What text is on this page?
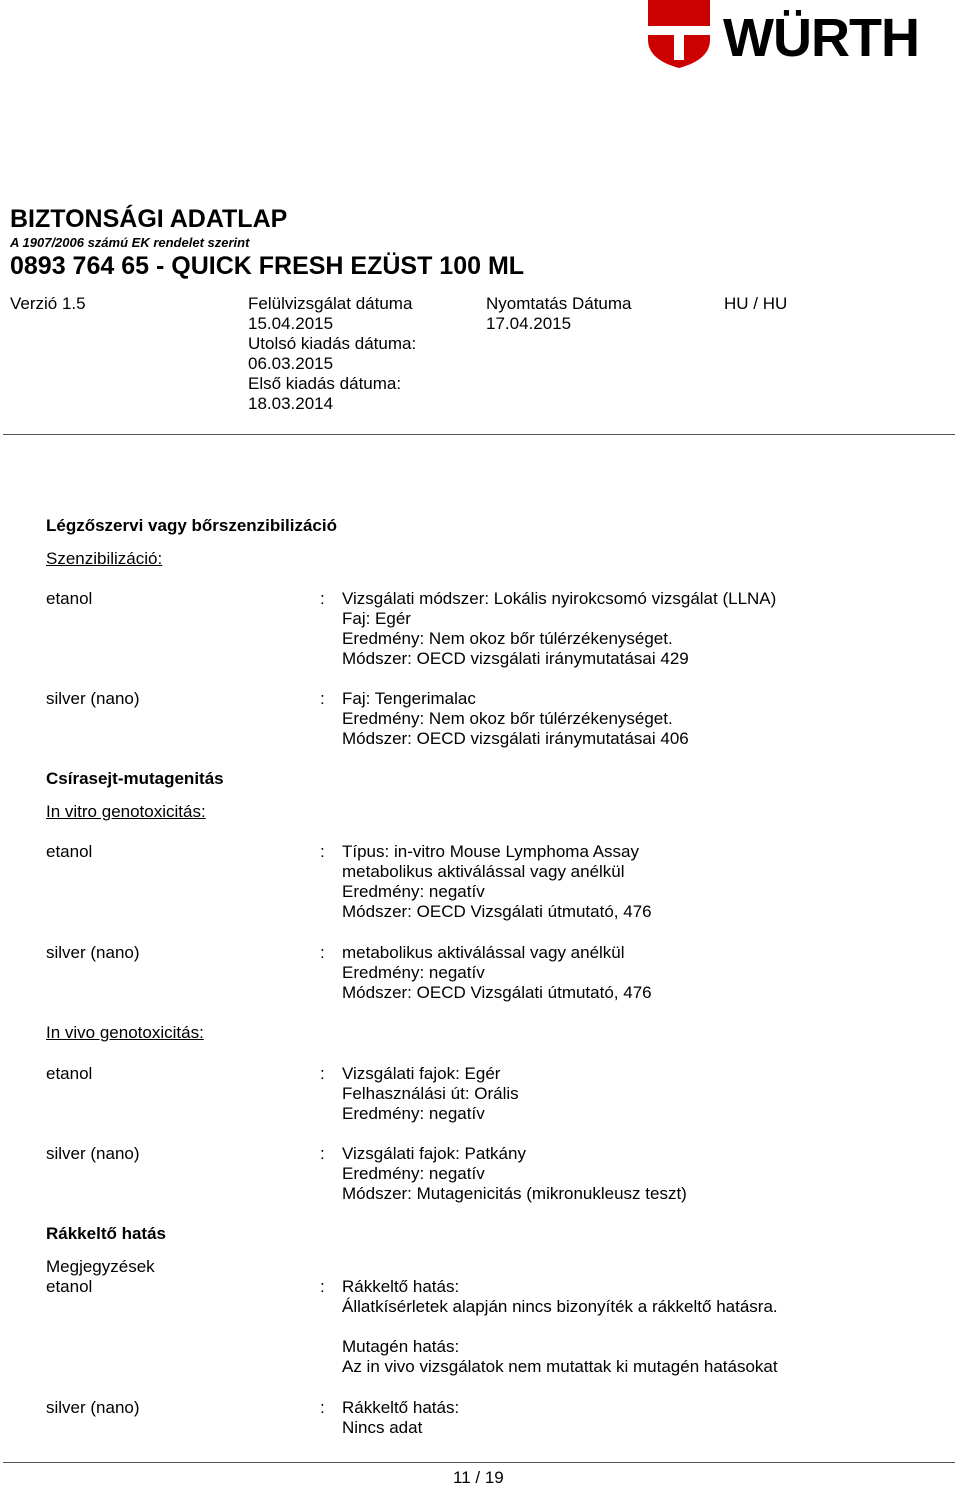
WÜRTH
BIZTONSÁGI ADATLAP
A 1907/2006 számú EK rendelet szerint
0893 764 65 - QUICK FRESH EZÜST 100 ML
Verzió 1.5	Felülvizsgálat dátuma
15.04.2015
Utolsó kiadás dátuma:
06.03.2015
Első kiadás dátuma:
18.03.2014
Nyomtatás Dátuma
17.04.2015
HU / HU
Légzőszervi vagy bőrszenzibilizáció
Szenzibilizáció:
etanol	: Vizsgálati módszer: Lokális nyirokcsomó vizsgálat (LLNA)
Faj: Egér
Eredmény: Nem okoz bőr túlérzékenységet.
Módszer: OECD vizsgálati iránymutatásai 429
silver (nano)	: Faj: Tengerimalac
Eredmény: Nem okoz bőr túlérzékenységet.
Módszer: OECD vizsgálati iránymutatásai 406
Csírasejt-mutagenitás
In vitro genotoxicitás:
etanol	: Típus: in-vitro Mouse Lymphoma Assay
metabolikus aktiválással vagy anélkül
Eredmény: negatív
Módszer: OECD Vizsgálati útmutató, 476
silver (nano)	: metabolikus aktiválással vagy anélkül
Eredmény: negatív
Módszer: OECD Vizsgálati útmutató, 476
In vivo genotoxicitás:
etanol	: Vizsgálati fajok: Egér
Felhasználási út: Orális
Eredmény: negatív
silver (nano)	: Vizsgálati fajok: Patkány
Eredmény: negatív
Módszer: Mutagenicitás (mikronukleusz teszt)
Rákkeltő hatás
Megjegyzések
etanol	: Rákkeltő hatás:
Állatkísérletek alapján nincs bizonyíték a rákkeltő hatásra.
Mutagén hatás:
Az in vivo vizsgálatok nem mutattak ki mutagén hatásokat
silver (nano)	: Rákkeltő hatás:
Nincs adat
11 / 19
